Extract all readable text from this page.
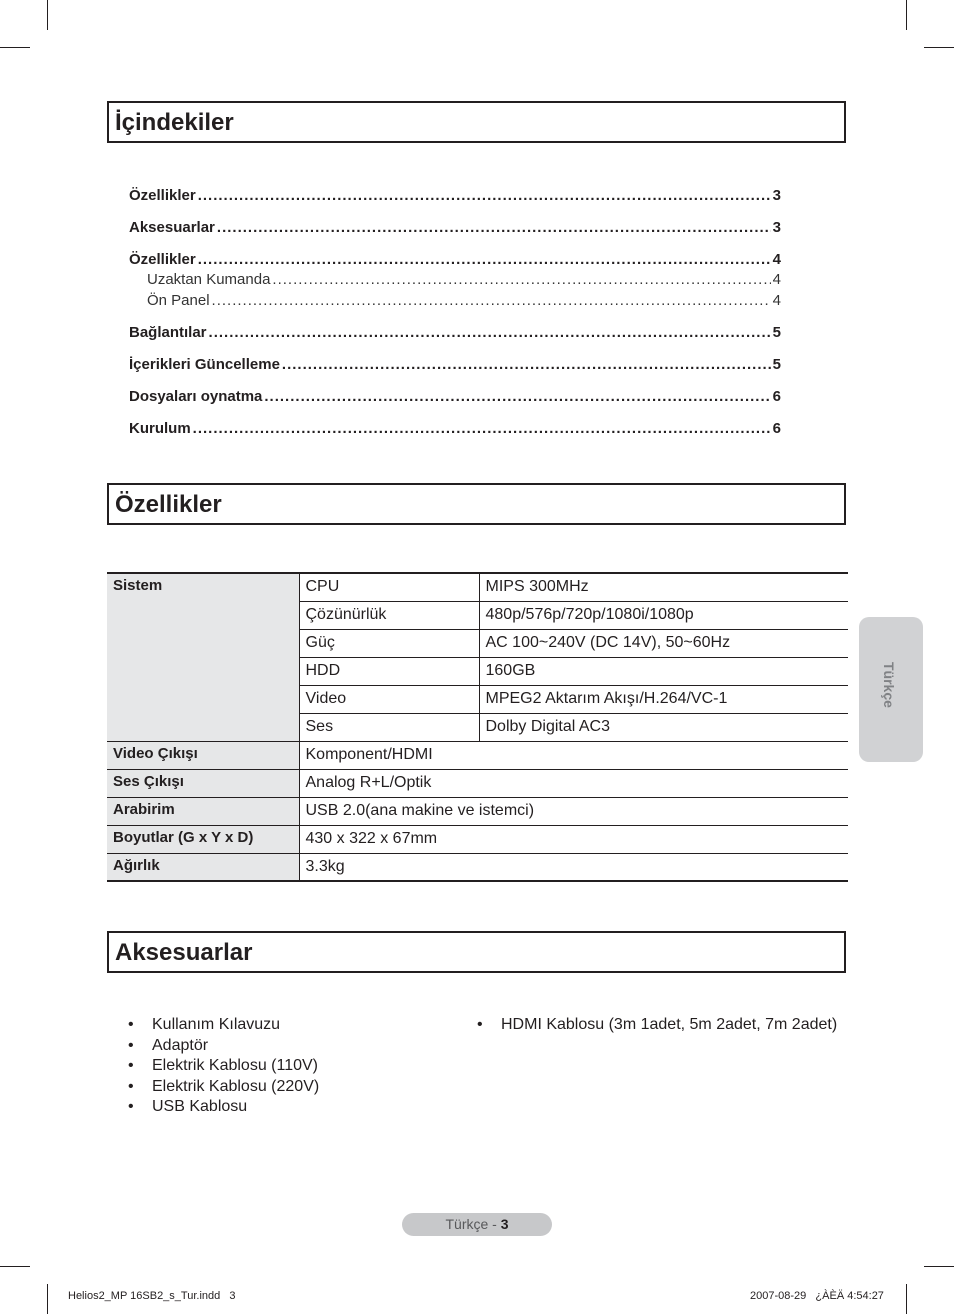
İçindekiler
Özellikler .....	3
Aksesuarlar .....	3
Özellikler .....	4
Uzaktan Kumanda .....	4
Ön Panel .....	4
Bağlantılar .....	5
İçerikleri Güncelleme .....	5
Dosyaları oynatma .....	6
Kurulum .....	6
Özellikler
Sistem	CPU	MIPS 300MHz
	Çözünürlük	480p/576p/720p/1080i/1080p
	Güç	AC 100~240V (DC 14V), 50~60Hz
	HDD	160GB
	Video	MPEG2 Aktarım Akışı/H.264/VC-1
	Ses	Dolby Digital AC3
Video Çıkışı	Komponent/HDMI	
Ses Çıkışı	Analog R+L/Optik	
Arabirim	USB 2.0(ana makine ve istemci)	
Boyutlar (G x Y x D)	430 x 322 x 67mm	
Ağırlık	3.3kg	
Aksesuarlar
•	Kullanım Kılavuzu
•	Adaptör
•	Elektrik Kablosu (110V)
•	Elektrik Kablosu (220V)
•	USB Kablosu
•	HDMI Kablosu (3m 1adet, 5m 2adet, 7m 2adet)
Türkçe
Türkçe - 3
Helios2_MP 16SB2_s_Tur.indd   3	2007-08-29   ¿ÀÈÄ 4:54:27
